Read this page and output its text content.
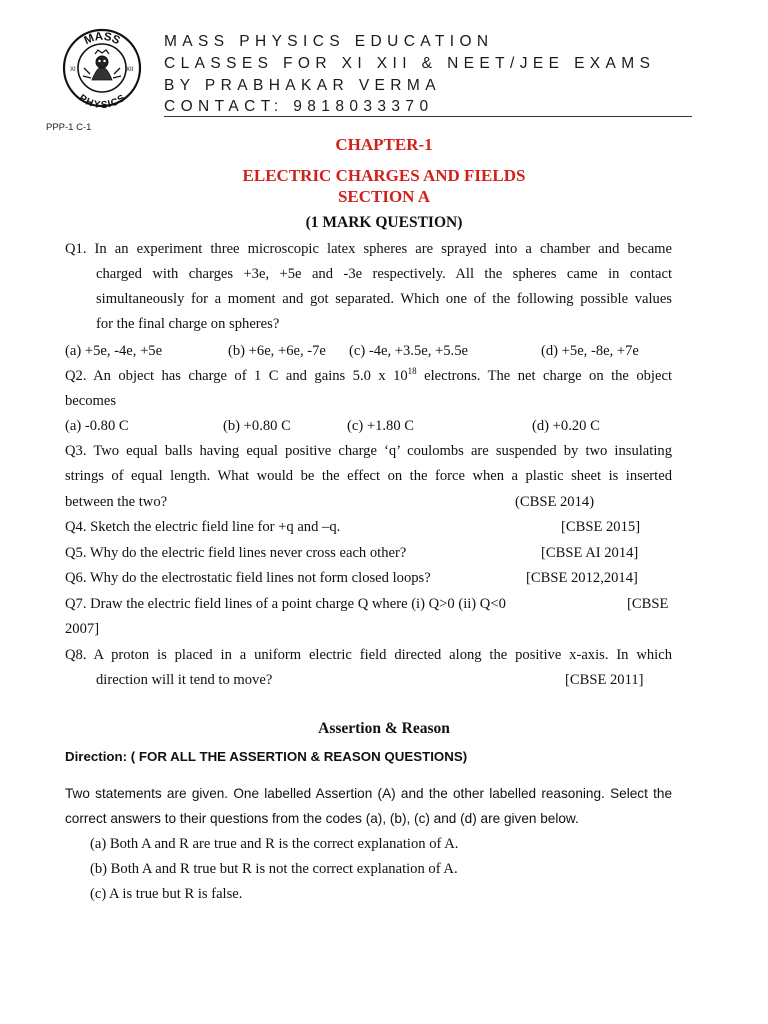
MASS
PHYSICS
XI	XII
MASS PHYSICS EDUCATION
CLASSES FOR XI XII & NEET/JEE EXAMS
BY PRABHAKAR VERMA
CONTACT: 9818033370
PPP-1 C-1
CHAPTER-1
ELECTRIC CHARGES AND FIELDS
SECTION A
(1 MARK QUESTION)
Q1. In an experiment three microscopic latex spheres are sprayed into a chamber and became
charged with charges +3e, +5e and -3e respectively. All the spheres came in contact
simultaneously for a moment and got separated. Which one of the following possible values
for the final charge on spheres?
(a) +5e, -4e, +5e	(b) +6e, +6e, -7e (c) -4e, +3.5e, +5.5e	(d) +5e, -8e, +7e
Q2. An object has charge of 1 C and gains 5.0 x $10^{18}$ electrons. The net charge on the object
becomes
(a) -0.80 C	(b) +0.80 C	(c) +1.80 C	(d) +0.20 C
Q3. Two equal balls having equal positive charge ‘q’ coulombs are suspended by two insulating
strings of equal length. What would be the effect on the force when a plastic sheet is inserted
between the two?	(CBSE 2014)
Q4. Sketch the electric field line for +q and –q.	[CBSE 2015]
Q5. Why do the electric field lines never cross each other?	[CBSE AI 2014]
Q6. Why do the electrostatic field lines not form closed loops?	[CBSE 2012,2014]
Q7. Draw the electric field lines of a point charge Q where (i) Q>0 (ii) Q<0	[CBSE
2007]
Q8. A proton is placed in a uniform electric field directed along the positive x-axis. In which
direction will it tend to move?	[CBSE 2011]
Assertion & Reason
Direction: ( FOR ALL THE ASSERTION & REASON QUESTIONS)
Two statements are given. One labelled Assertion (A) and the other labelled reasoning. Select the
correct answers to their questions from the codes (a), (b), (c) and (d) are given below.
(a) Both A and R are true and R is the correct explanation of A.
(b) Both A and R true but R is not the correct explanation of A.
(c) A is true but R is false.
